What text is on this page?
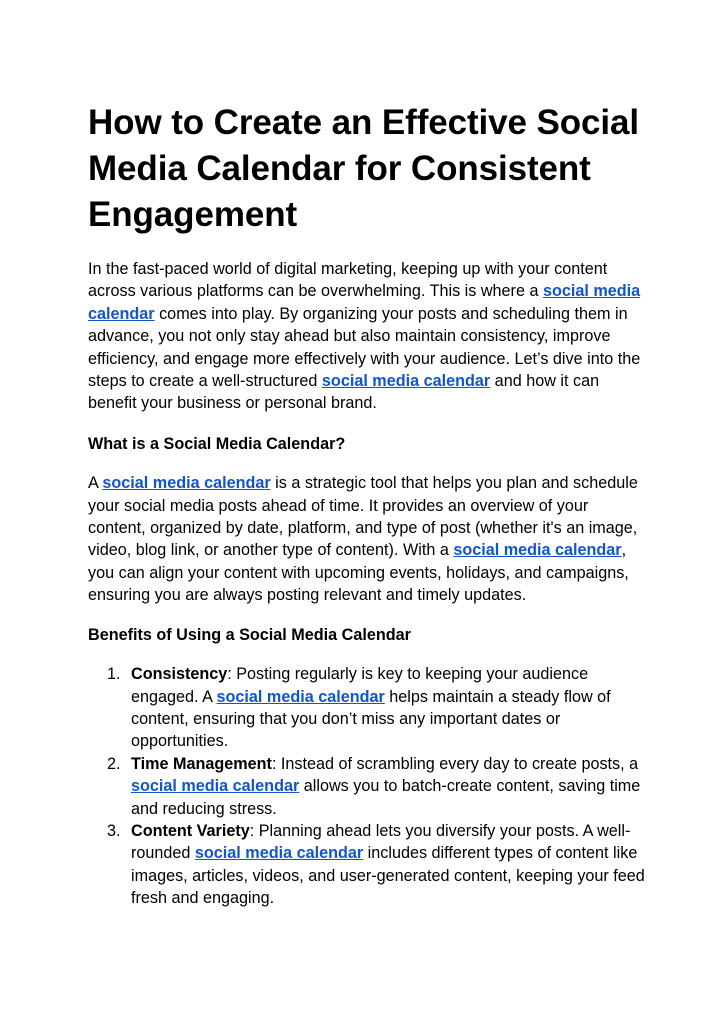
How to Create an Effective Social Media Calendar for Consistent Engagement

In the fast-paced world of digital marketing, keeping up with your content across various platforms can be overwhelming. This is where a social media calendar comes into play. By organizing your posts and scheduling them in advance, you not only stay ahead but also maintain consistency, improve efficiency, and engage more effectively with your audience. Let’s dive into the steps to create a well-structured social media calendar and how it can benefit your business or personal brand.

What is a Social Media Calendar?

A social media calendar is a strategic tool that helps you plan and schedule your social media posts ahead of time. It provides an overview of your content, organized by date, platform, and type of post (whether it's an image, video, blog link, or another type of content). With a social media calendar, you can align your content with upcoming events, holidays, and campaigns, ensuring you are always posting relevant and timely updates.

Benefits of Using a Social Media Calendar
1. Consistency: Posting regularly is key to keeping your audience engaged. A social media calendar helps maintain a steady flow of content, ensuring that you don’t miss any important dates or opportunities.
2. Time Management: Instead of scrambling every day to create posts, a social media calendar allows you to batch-create content, saving time and reducing stress.
3. Content Variety: Planning ahead lets you diversify your posts. A well-rounded social media calendar includes different types of content like images, articles, videos, and user-generated content, keeping your feed fresh and engaging.
